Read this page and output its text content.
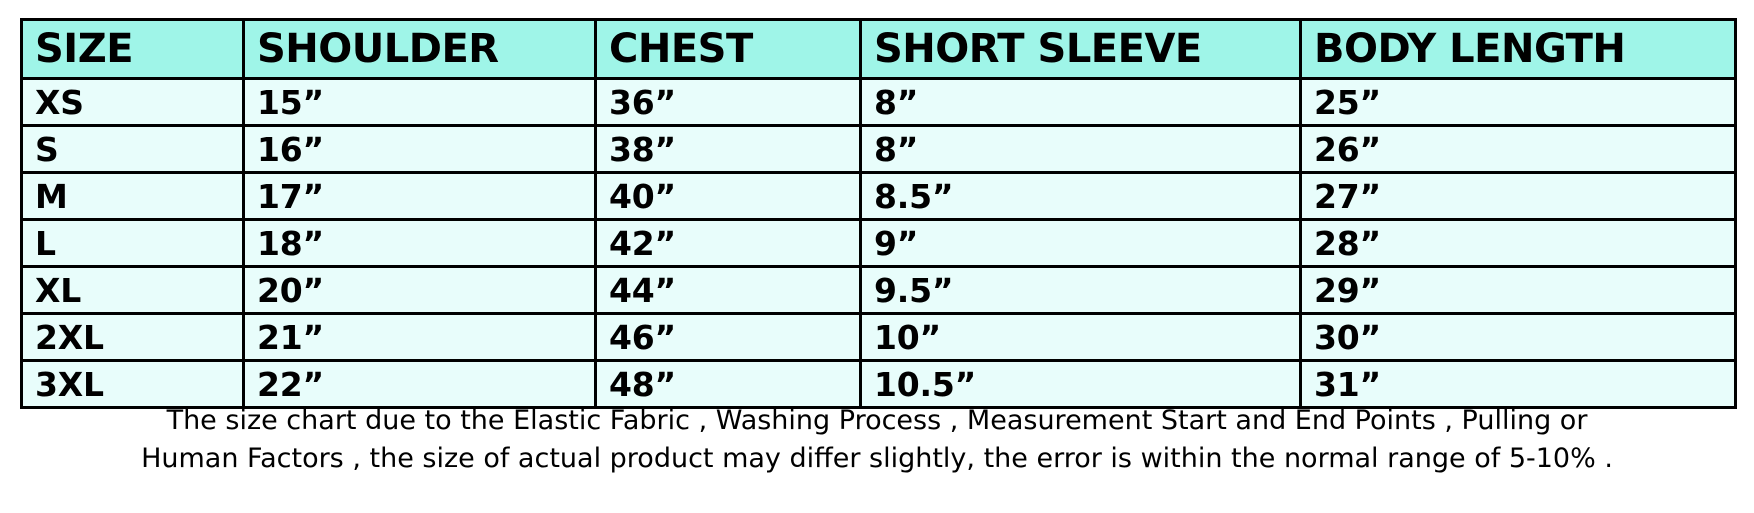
SIZE	SHOULDER	CHEST	SHORT SLEEVE	BODY LENGTH
XS	15”	36”	8”	25”
S	16”	38”	8”	26”
M	17”	40”	8.5”	27”
L	18”	42”	9”	28”
XL	20”	44”	9.5”	29”
2XL	21”	46”	10”	30”
3XL	22”	48”	10.5”	31”
The size chart due to the Elastic Fabric , Washing Process , Measurement Start and End Points , Pulling or
Human Factors , the size of actual product may differ slightly, the error is within the normal range of 5-10% .
